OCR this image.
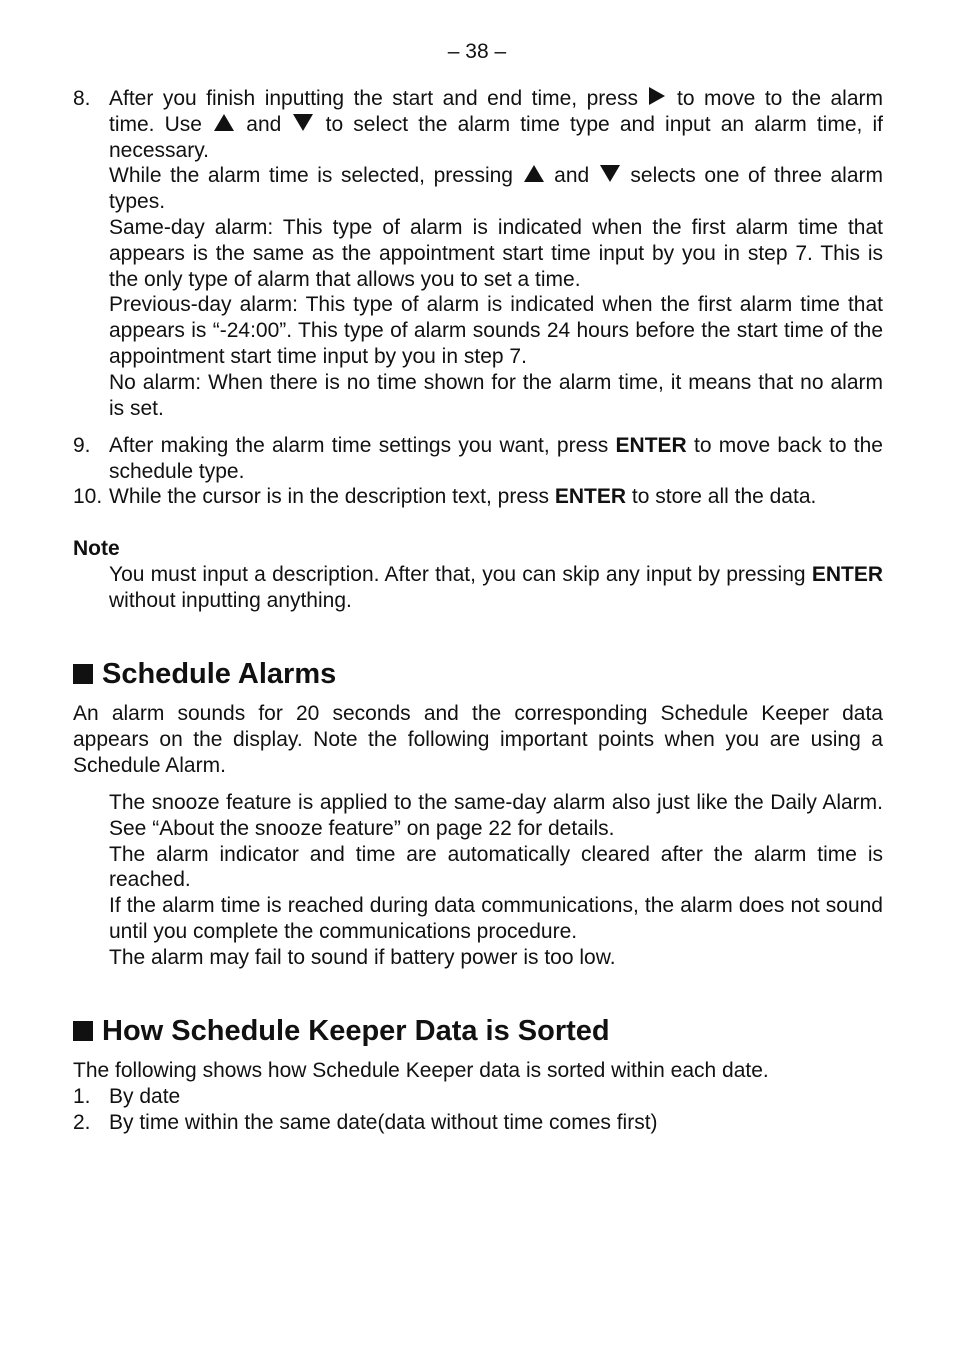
– 38 –
8. After you finish inputting the start and end time, press to move to the alarm
time. Use and to select the alarm time type and input an alarm time, if
necessary.
While the alarm time is selected, pressing and selects one of three alarm
types.
Same-day alarm: This type of alarm is indicated when the first alarm time that appears is the same as the appointment start time input by you in step 7. This is the only type of alarm that allows you to set a time.
Previous-day alarm: This type of alarm is indicated when the first alarm time that appears is “-24:00”. This type of alarm sounds 24 hours before the start time of the appointment start time input by you in step 7.
No alarm: When there is no time shown for the alarm time, it means that no alarm is set.
9. After making the alarm time settings you want, press ENTER to move back to the schedule type.
10. While the cursor is in the description text, press ENTER to store all the data.
Note
You must input a description. After that, you can skip any input by pressing ENTER without inputting anything.
Schedule Alarms
An alarm sounds for 20 seconds and the corresponding Schedule Keeper data appears on the display. Note the following important points when you are using a Schedule Alarm.
The snooze feature is applied to the same-day alarm also just like the Daily Alarm. See “About the snooze feature” on page 22 for details.
The alarm indicator and time are automatically cleared after the alarm time is reached.
If the alarm time is reached during data communications, the alarm does not sound until you complete the communications procedure.
The alarm may fail to sound if battery power is too low.
How Schedule Keeper Data is Sorted
The following shows how Schedule Keeper data is sorted within each date.
1. By date
2. By time within the same date(data without time comes first)
